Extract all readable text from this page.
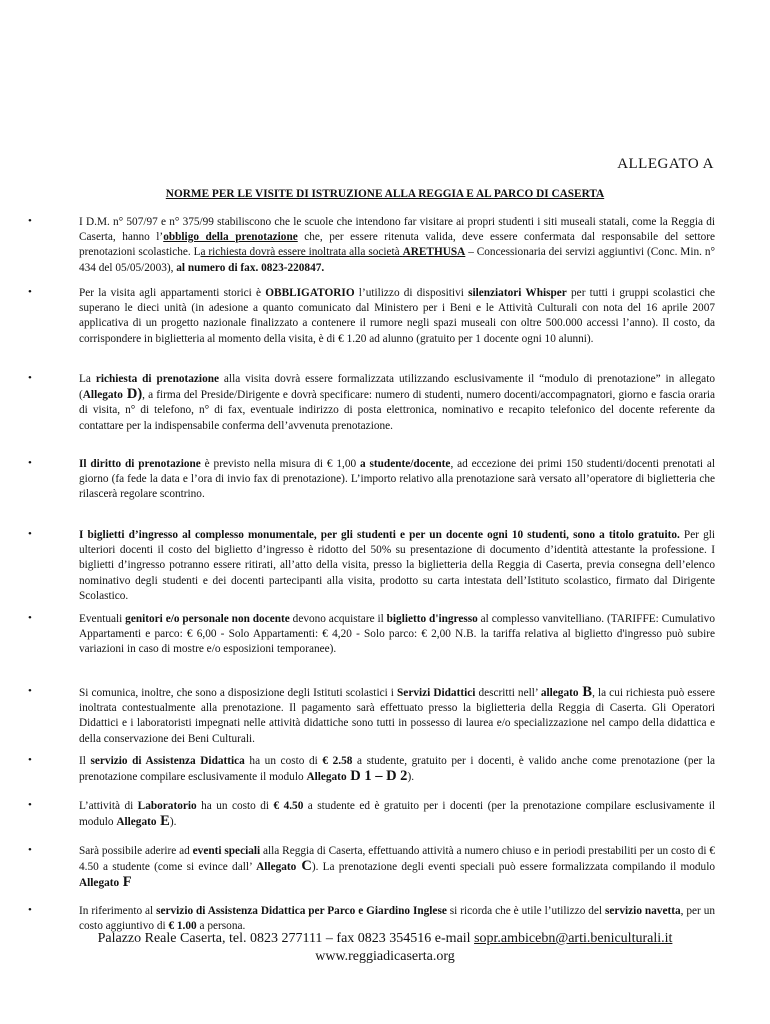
ALLEGATO A
NORME PER LE VISITE DI ISTRUZIONE ALLA REGGIA E AL PARCO DI CASERTA
•	I D.M. n° 507/97 e n° 375/99 stabiliscono che le scuole che intendono far visitare ai propri studenti i siti museali statali, come la Reggia di Caserta, hanno l’obbligo della prenotazione che, per essere ritenuta valida, deve essere confermata dal responsabile del settore prenotazioni scolastiche. La richiesta dovrà essere inoltrata alla società ARETHUSA – Concessionaria dei servizi aggiuntivi (Conc. Min. n° 434 del 05/05/2003), al numero di fax. 0823-220847.
•	Per la visita agli appartamenti storici è OBBLIGATORIO l’utilizzo di dispositivi silenziatori Whisper per tutti i gruppi scolastici che superano le dieci unità (in adesione a quanto comunicato dal Ministero per i Beni e le Attività Culturali con nota del 16 aprile 2007 applicativa di un progetto nazionale finalizzato a contenere il rumore negli spazi museali con oltre 500.000 accessi l’anno). Il costo, da corrispondere in biglietteria al momento della visita, è di € 1.20 ad alunno (gratuito per 1 docente ogni 10 alunni).
•	La richiesta di prenotazione alla visita dovrà essere formalizzata utilizzando esclusivamente il “modulo di prenotazione” in allegato (Allegato D), a firma del Preside/Dirigente e dovrà specificare: numero di studenti, numero docenti/accompagnatori, giorno e fascia oraria di visita, n° di telefono, n° di fax, eventuale indirizzo di posta elettronica, nominativo e recapito telefonico del docente referente da contattare per la indispensabile conferma dell’avvenuta prenotazione.
•	Il diritto di prenotazione è previsto nella misura di € 1,00 a studente/docente, ad eccezione dei primi 150 studenti/docenti prenotati al giorno (fa fede la data e l’ora di invio fax di prenotazione). L’importo relativo alla prenotazione sarà versato all’operatore di biglietteria che rilascerà regolare scontrino.
•	I biglietti d’ingresso al complesso monumentale, per gli studenti e per un docente ogni 10 studenti, sono a titolo gratuito. Per gli ulteriori docenti il costo del biglietto d’ingresso è ridotto del 50% su presentazione di documento d’identità attestante la professione. I biglietti d’ingresso potranno essere ritirati, all’atto della visita, presso la biglietteria della Reggia di Caserta, previa consegna dell’elenco nominativo degli studenti e dei docenti partecipanti alla visita, prodotto su carta intestata dell’Istituto scolastico, firmato dal Dirigente Scolastico.
•	Eventuali genitori e/o personale non docente devono acquistare il biglietto d'ingresso al complesso vanvitelliano. (TARIFFE: Cumulativo Appartamenti e parco: € 6,00 - Solo Appartamenti: € 4,20 - Solo parco: € 2,00 N.B. la tariffa relativa al biglietto d'ingresso può subire variazioni in caso di mostre e/o esposizioni temporanee).
•	Si comunica, inoltre, che sono a disposizione degli Istituti scolastici i Servizi Didattici descritti nell’ allegato B, la cui richiesta può essere inoltrata contestualmente alla prenotazione. Il pagamento sarà effettuato presso la biglietteria della Reggia di Caserta. Gli Operatori Didattici e i laboratoristi impegnati nelle attività didattiche sono tutti in possesso di laurea e/o specializzazione nel campo della didattica e della conservazione dei Beni Culturali.
•	Il servizio di Assistenza Didattica ha un costo di € 2.58 a studente, gratuito per i docenti, è valido anche come prenotazione (per la prenotazione compilare esclusivamente il modulo Allegato D 1 – D 2).
•	L’attività di Laboratorio ha un costo di € 4.50 a studente ed è gratuito per i docenti (per la prenotazione compilare esclusivamente il modulo Allegato E).
•	Sarà possibile aderire ad eventi speciali alla Reggia di Caserta, effettuando attività a numero chiuso e in periodi prestabiliti per un costo di € 4.50 a studente (come si evince dall’ Allegato C). La prenotazione degli eventi speciali può essere formalizzata compilando il modulo Allegato F
•	In riferimento al servizio di Assistenza Didattica per Parco e Giardino Inglese si ricorda che è utile l’utilizzo del servizio navetta, per un costo aggiuntivo di € 1.00 a persona.
Palazzo Reale Caserta, tel. 0823 277111 – fax 0823 354516 e-mail sopr.ambicebn@arti.beniculturali.it
www.reggiadicaserta.org
